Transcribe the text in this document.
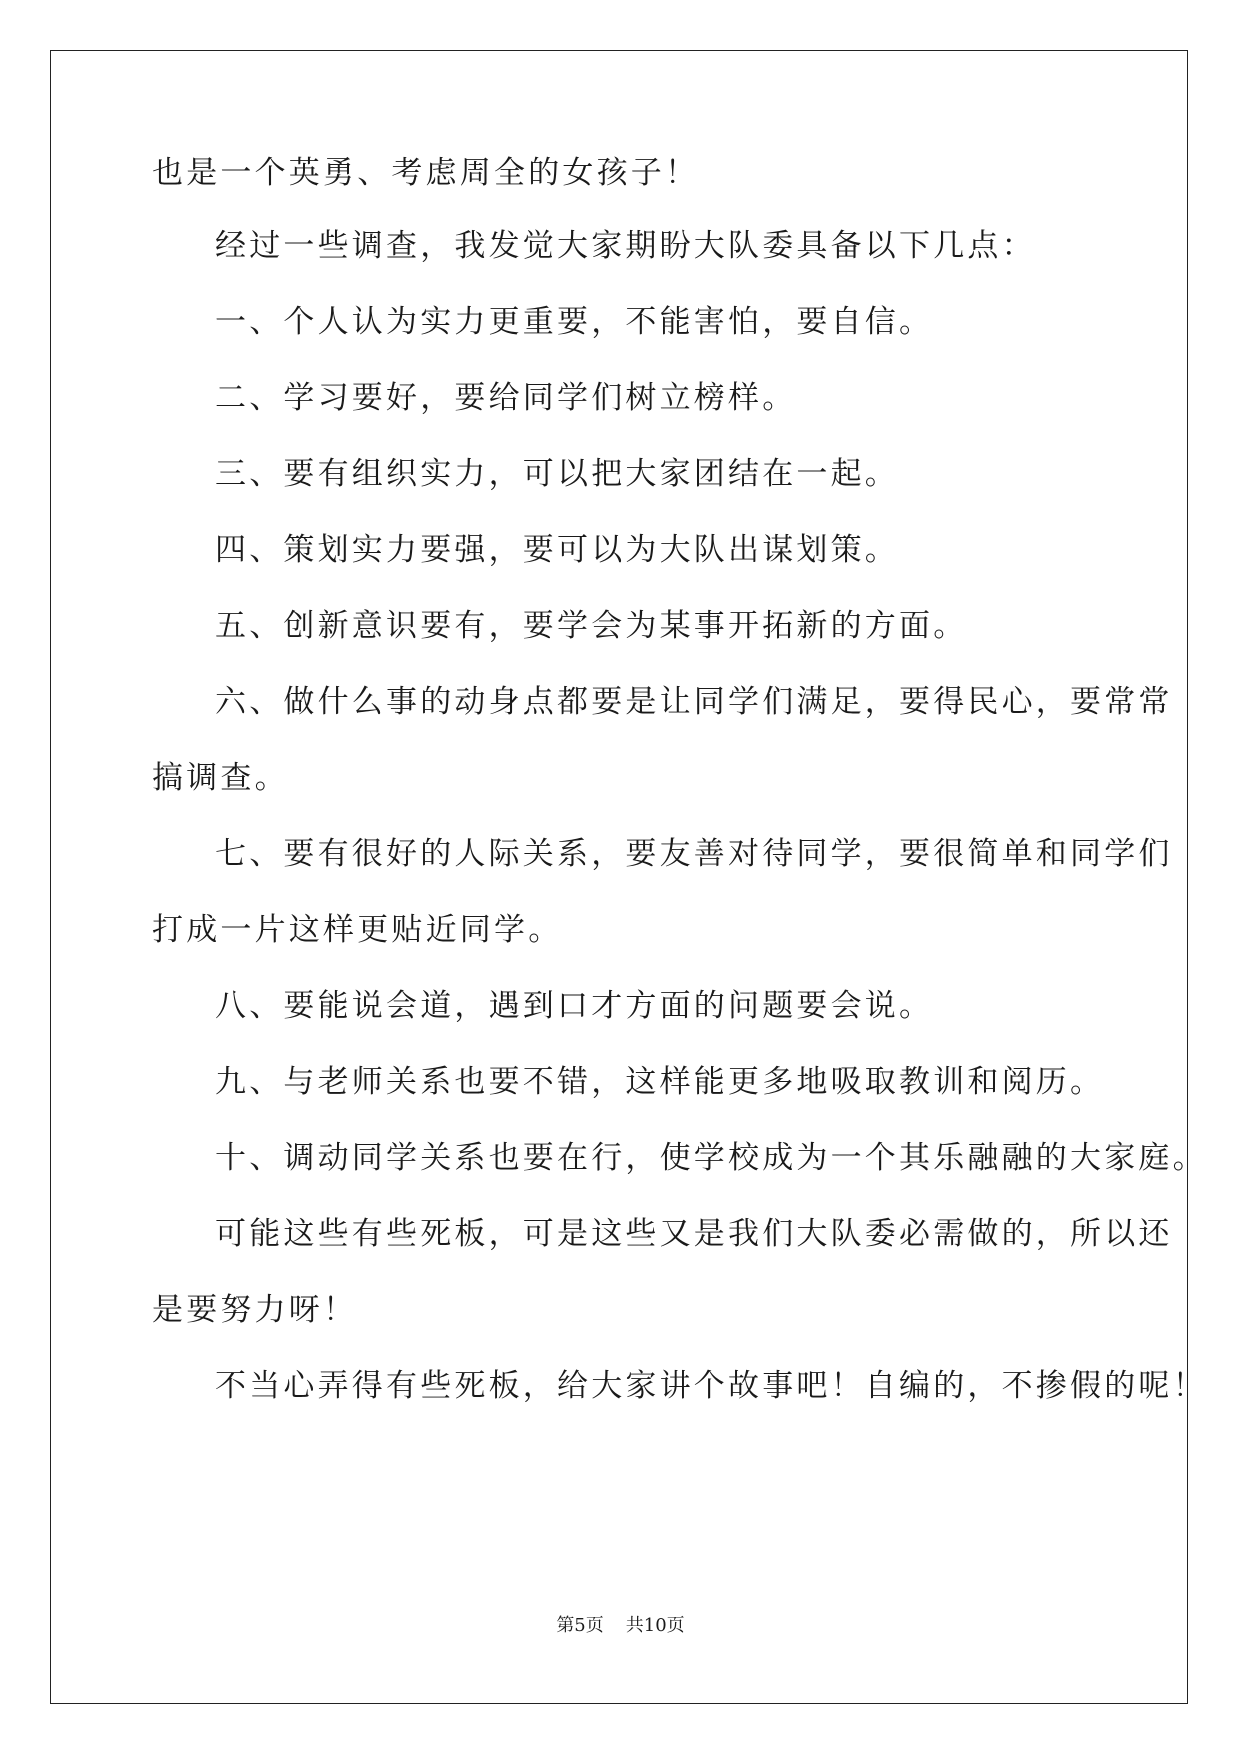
也是一个英勇、考虑周全的女孩子！
经过一些调查，我发觉大家期盼大队委具备以下几点：
一、个人认为实力更重要，不能害怕，要自信。
二、学习要好，要给同学们树立榜样。
三、要有组织实力，可以把大家团结在一起。
四、策划实力要强，要可以为大队出谋划策。
五、创新意识要有，要学会为某事开拓新的方面。
六、做什么事的动身点都要是让同学们满足，要得民心，要常常
搞调查。
七、要有很好的人际关系，要友善对待同学，要很简单和同学们
打成一片这样更贴近同学。
八、要能说会道，遇到口才方面的问题要会说。
九、与老师关系也要不错，这样能更多地吸取教训和阅历。
十、调动同学关系也要在行，使学校成为一个其乐融融的大家庭。
可能这些有些死板，可是这些又是我们大队委必需做的，所以还
是要努力呀！
不当心弄得有些死板，给大家讲个故事吧！自编的，不掺假的呢！
第5页 共10页
